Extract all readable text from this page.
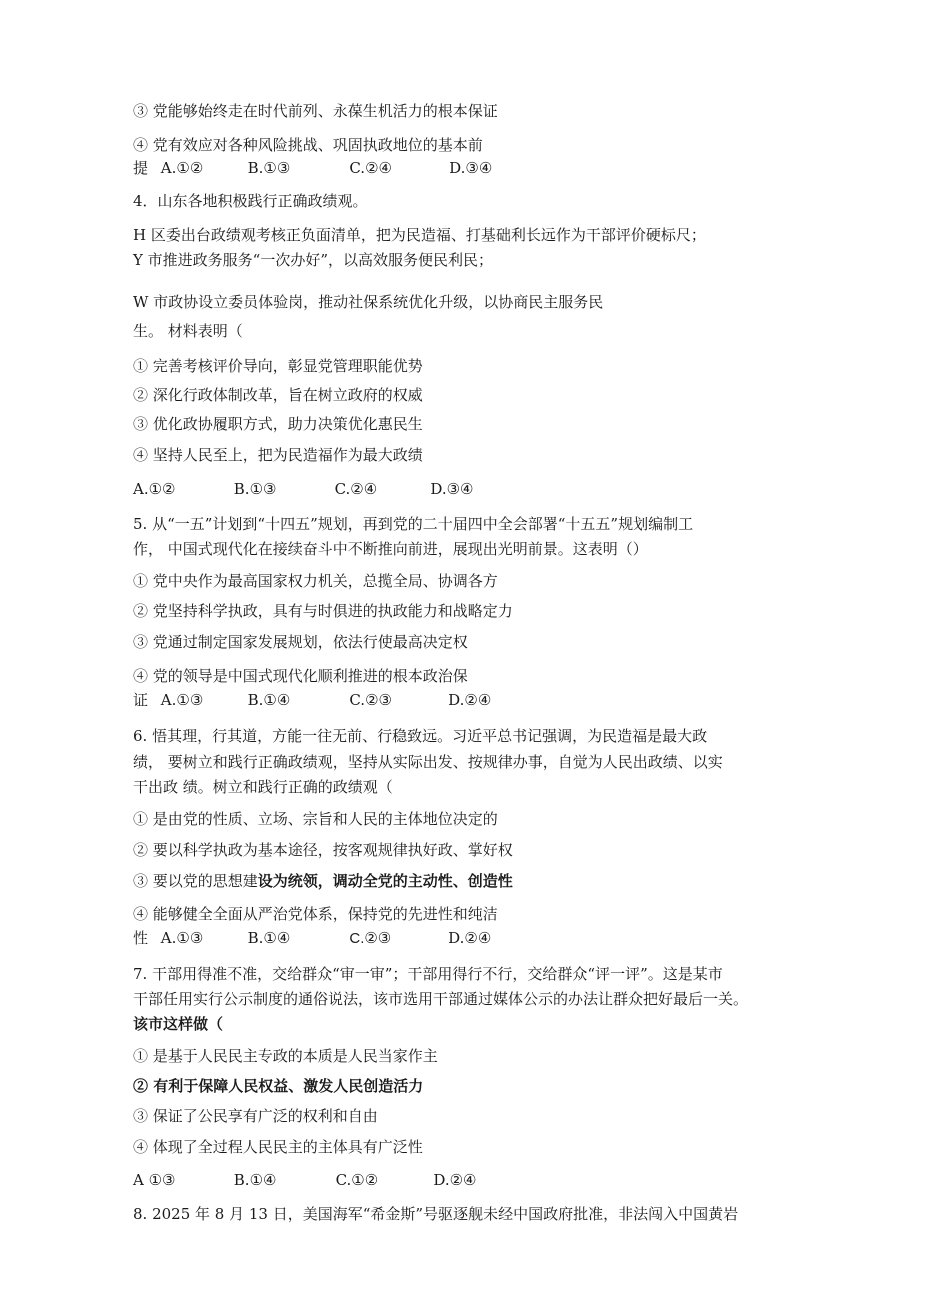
③ 党能够始终走在时代前列、永葆生机活力的根本保证
④ 党有效应对各种风险挑战、巩固执政地位的基本前
提 A.①②	B.①③	C.②④	D.③④
4．山东各地积极践行正确政绩观。
H 区委出台政绩观考核正负面清单，把为民造福、打基础利长远作为干部评价硬标尺；
Y 市推进政务服务“一次办好”，以高效服务便民利民；
W 市政协设立委员体验岗，推动社保系统优化升级，以协商民主服务民
生。 材料表明（
① 完善考核评价导向，彰显党管理职能优势
② 深化行政体制改革，旨在树立政府的权威
③ 优化政协履职方式，助力决策优化惠民生
④ 坚持人民至上，把为民造福作为最大政绩
A.①②	B.①③	C.②④	D.③④
5. 从“一五”计划到“十四五”规划，再到党的二十届四中全会部署“十五五”规划编制工
作， 中国式现代化在接续奋斗中不断推向前进，展现出光明前景。这表明（）
① 党中央作为最高国家权力机关，总揽全局、协调各方
② 党坚持科学执政，具有与时俱进的执政能力和战略定力
③ 党通过制定国家发展规划，依法行使最高决定权
④ 党的领导是中国式现代化顺利推进的根本政治保
证 A.①③	B.①④	C.②③	D.②④
6. 悟其理，行其道，方能一往无前、行稳致远。习近平总书记强调，为民造福是最大政
绩， 要树立和践行正确政绩观，坚持从实际出发、按规律办事，自觉为人民出政绩、以实
干出政 绩。树立和践行正确的政绩观（
① 是由党的性质、立场、宗旨和人民的主体地位决定的
② 要以科学执政为基本途径，按客观规律执好政、掌好权
③ 要以党的思想建设为统领，调动全党的主动性、创造性
④ 能够健全全面从严治党体系，保持党的先进性和纯洁
性 A.①③	B.①④	C.②③	D.②④
7. 干部用得准不准，交给群众“审一审”；干部用得行不行，交给群众“评一评”。这是某市
干部任用实行公示制度的通俗说法，该市选用干部通过媒体公示的办法让群众把好最后一关。
该市这样做（
① 是基于人民民主专政的本质是人民当家作主
② 有利于保障人民权益、激发人民创造活力
③ 保证了公民享有广泛的权利和自由
④ 体现了全过程人民民主的主体具有广泛性
A ①③	B.①④	C.①②	D.②④
8. 2025 年 8 月 13 日，美国海军“希金斯”号驱逐舰未经中国政府批准，非法闯入中国黄岩
